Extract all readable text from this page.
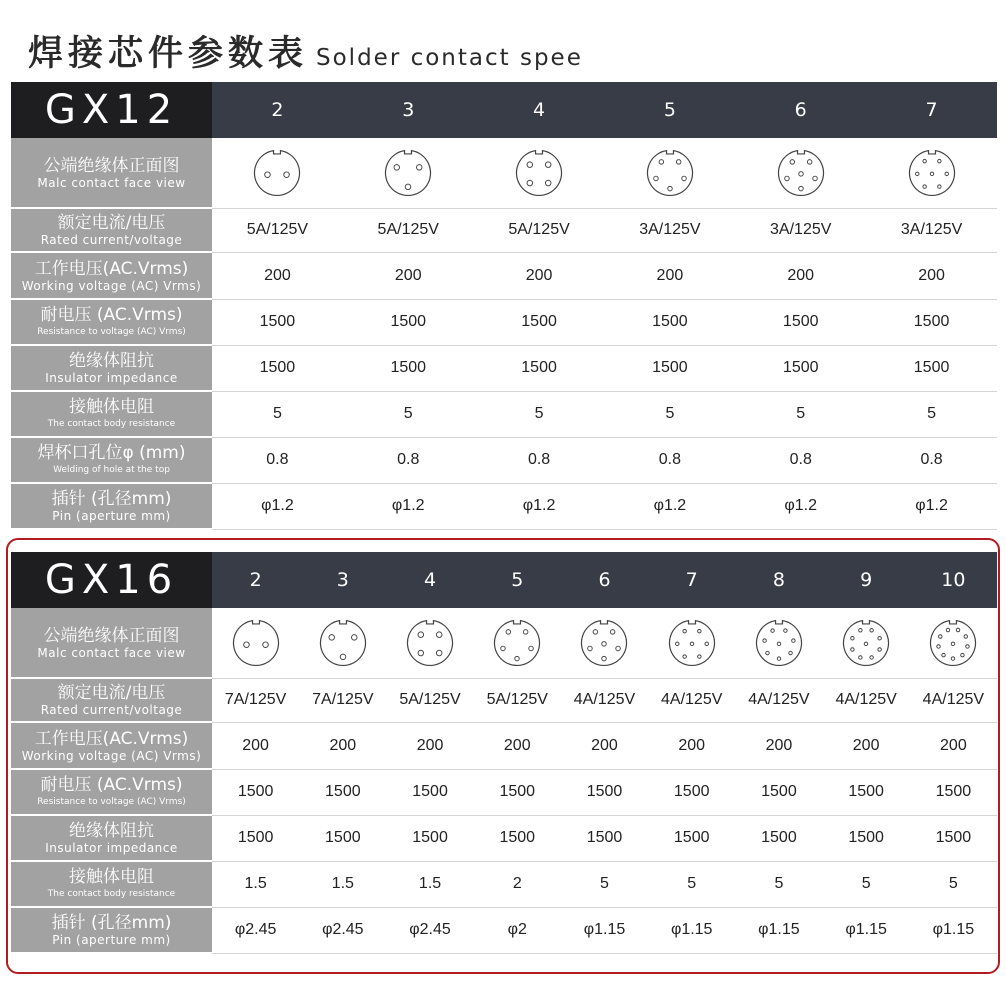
焊接芯件参数表 Solder contact spee
GX12	2	3	4	5	6	7

公端绝缘体正面图
Malc contact face view

额定电流/电压
Rated current/voltage	5A/125V	5A/125V	5A/125V	3A/125V	3A/125V	3A/125V

工作电压(AC.Vrms)
Working voltage (AC) Vrms)	200	200	200	200	200	200

耐电压 (AC.Vrms)
Resistance to voltage (AC) Vrms)	1500	1500	1500	1500	1500	1500

绝缘体阻抗
Insulator impedance	1500	1500	1500	1500	1500	1500

接触体电阻
The contact body resistance	5	5	5	5	5	5

焊杯口孔位φ (mm)
Welding of hole at the top	0.8	0.8	0.8	0.8	0.8	0.8

插针 (孔径mm)
Pin (aperture mm)	φ1.2	φ1.2	φ1.2	φ1.2	φ1.2	φ1.2
GX16	2	3	4	5	6	7	8	9	10

公端绝缘体正面图
Malc contact face view

额定电流/电压
Rated current/voltage	7A/125V	7A/125V	5A/125V	5A/125V	4A/125V	4A/125V	4A/125V	4A/125V	4A/125V

工作电压(AC.Vrms)
Working voltage (AC) Vrms)	200	200	200	200	200	200	200	200	200

耐电压 (AC.Vrms)
Resistance to voltage (AC) Vrms)	1500	1500	1500	1500	1500	1500	1500	1500	1500

绝缘体阻抗
Insulator impedance	1500	1500	1500	1500	1500	1500	1500	1500	1500

接触体电阻
The contact body resistance	1.5	1.5	1.5	2	5	5	5	5	5

插针 (孔径mm)
Pin (aperture mm)	φ2.45	φ2.45	φ2.45	φ2	φ1.15	φ1.15	φ1.15	φ1.15	φ1.15
